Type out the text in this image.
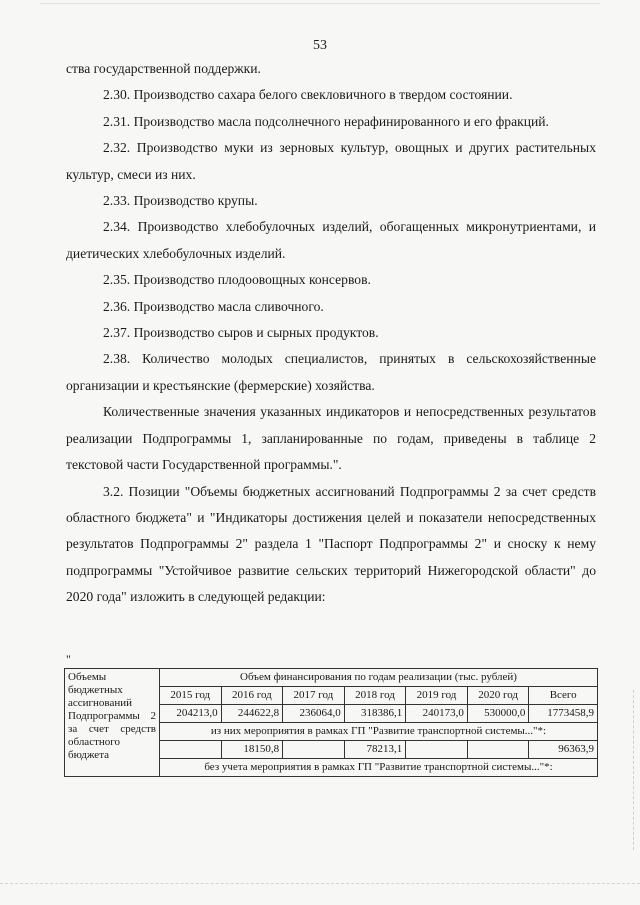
53

ства государственной поддержки.

2.30. Производство сахара белого свекловичного в твердом состоянии.

2.31. Производство масла подсолнечного нерафинированного и его фракций.

2.32. Производство муки из зерновых культур, овощных и других растительных культур, смеси из них.

2.33. Производство крупы.

2.34. Производство хлебобулочных изделий, обогащенных микронутриентами, и диетических хлебобулочных изделий.

2.35. Производство плодоовощных консервов.

2.36. Производство масла сливочного.

2.37. Производство сыров и сырных продуктов.

2.38. Количество молодых специалистов, принятых в сельскохозяйственные организации и крестьянские (фермерские) хозяйства.

Количественные значения указанных индикаторов и непосредственных результатов реализации Подпрограммы 1, запланированные по годам, приведены в таблице 2 текстовой части Государственной программы.".

3.2. Позиции "Объемы бюджетных ассигнований Подпрограммы 2 за счет средств областного бюджета" и "Индикаторы достижения целей и показатели непосредственных результатов Подпрограммы 2" раздела 1 "Паспорт Подпрограммы 2" и сноску к нему подпрограммы "Устойчивое развитие сельских территорий Нижегородской области" до 2020 года" изложить в следующей редакции:

"
Объемы бюджетных ассигнований Подпрограммы 2 за счет средств областного бюджета	Объем финансирования по годам реализации (тыс. рублей)						
	2015 год	2016 год	2017 год	2018 год	2019 год	2020 год	Всего
	204213,0	244622,8	236064,0	318386,1	240173,0	530000,0	1773458,9
	из них мероприятия в рамках ГП "Развитие транспортной системы..."*:						
		18150,8		78213,1			96363,9
	без учета мероприятия в рамках ГП "Развитие транспортной системы..."*:						
